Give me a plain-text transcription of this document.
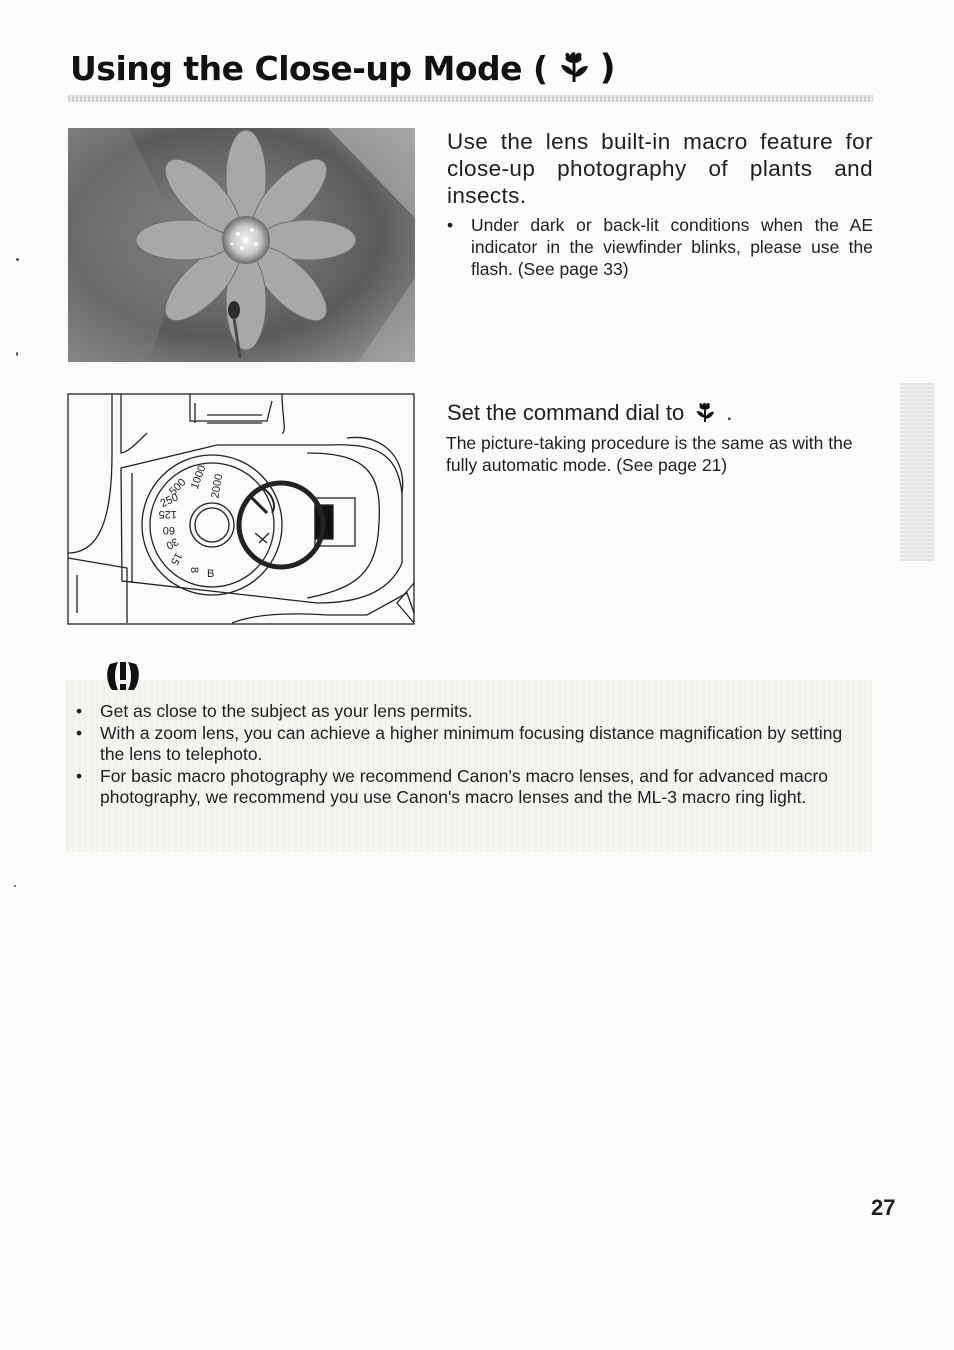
Using the Close-up Mode ( )

Use the lens built-in macro feature for close-up photography of plants and insects.

• Under dark or back-lit conditions when the AE indicator in the viewfinder blinks, please use the flash. (See page 33)
2000
1000
500
250
125
60
30
15
8 B
Set the command dial to .

The picture-taking procedure is the same as with the fully automatic mode. (See page 21)

• Get as close to the subject as your lens permits.
• With a zoom lens, you can achieve a higher minimum focusing distance magnification by setting the lens to telephoto.
• For basic macro photography we recommend Canon's macro lenses, and for advanced macro photography, we recommend you use Canon's macro lenses and the ML-3 macro ring light.

27
